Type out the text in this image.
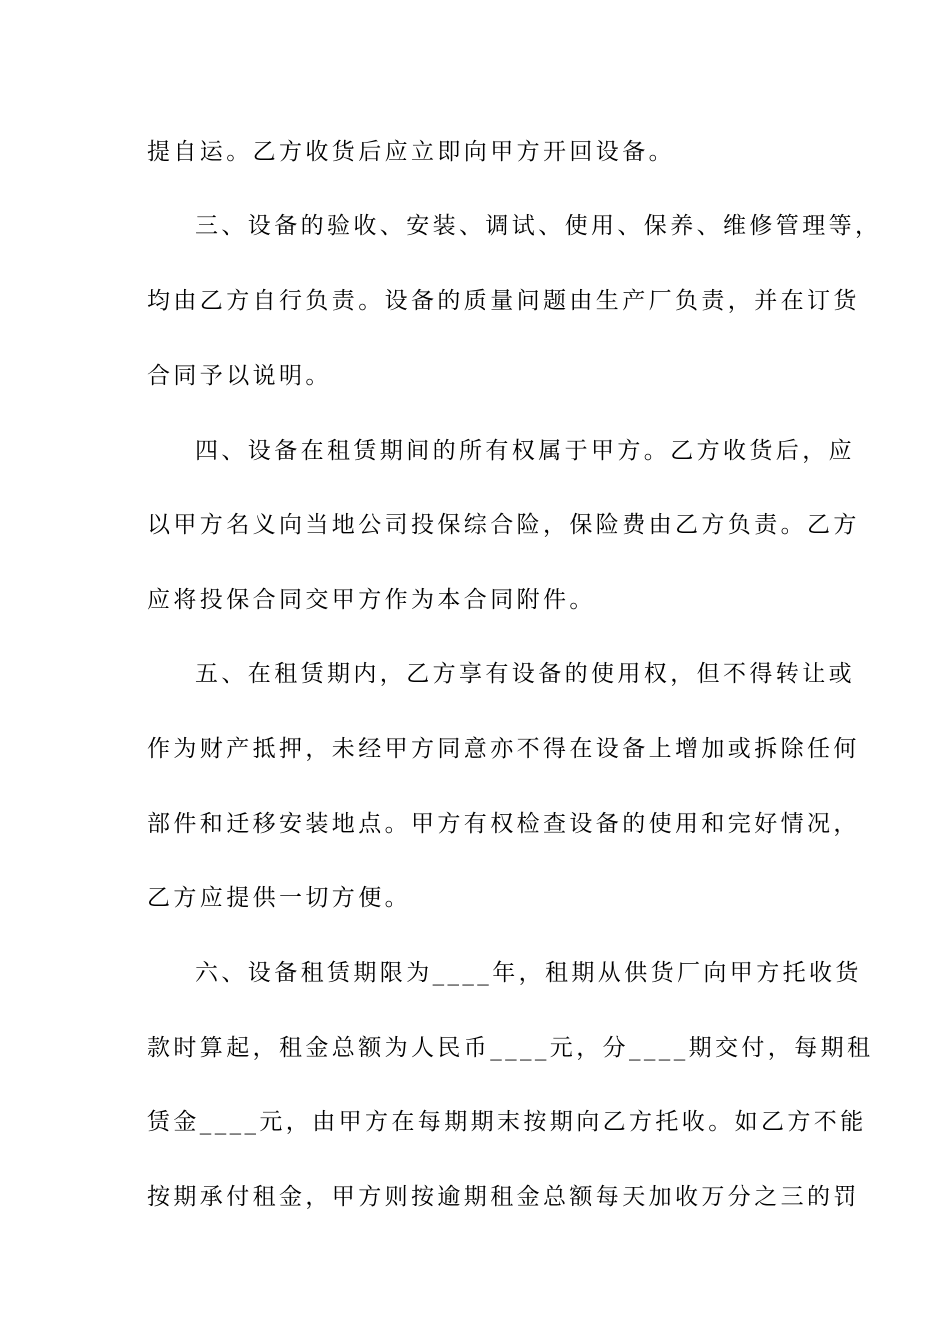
提自运。乙方收货后应立即向甲方开回设备。
三、设备的验收、安装、调试、使用、保养、维修管理等，
均由乙方自行负责。设备的质量问题由生产厂负责，并在订货
合同予以说明。
四、设备在租赁期间的所有权属于甲方。乙方收货后，应
以甲方名义向当地公司投保综合险，保险费由乙方负责。乙方
应将投保合同交甲方作为本合同附件。
五、在租赁期内，乙方享有设备的使用权，但不得转让或
作为财产抵押，未经甲方同意亦不得在设备上增加或拆除任何
部件和迁移安装地点。甲方有权检查设备的使用和完好情况，
乙方应提供一切方便。
六、设备租赁期限为____年，租期从供货厂向甲方托收货
款时算起，租金总额为人民币____元，分____期交付，每期租
赁金____元，由甲方在每期期末按期向乙方托收。如乙方不能
按期承付租金，甲方则按逾期租金总额每天加收万分之三的罚
